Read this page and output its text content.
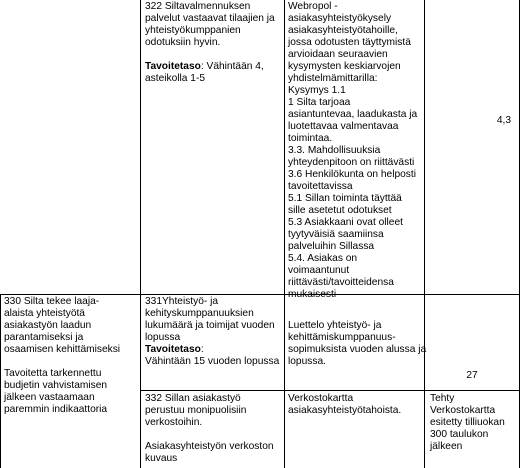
322 Siltavalmennuksen

palvelut vastaavat tilaajien ja

yhteistyökumppanien

odotuksiin hyvin.

Tavoitetaso: Vähintään 4,

asteikolla 1-5

Webropol -

asiakasyhteistyökysely

asiakasyhteistyötahoille,

jossa odotusten täyttymistä

arvioidaan seuraavien

kysymysten keskiarvojen

yhdistelmämittarilla:

Kysymys 1.1

1 Silta tarjoaa

asiantuntevaa, laadukasta ja

luotettavaa valmentavaa

toimintaa.

3.3. Mahdollisuuksia

yhteydenpitoon on riittävästi

3.6 Henkilökunta on helposti

tavoitettavissa

5.1 Sillan toiminta täyttää

sille asetetut odotukset

5.3 Asiakkaani ovat olleet

tyytyväisiä saamiinsa

palveluihin Sillassa

5.4. Asiakas on

voimaantunut

riittävästi/tavoitteidensa

mukaisesti

4,3

330 Silta tekee laaja-

alaista yhteistyötä

asiakastyön laadun

parantamiseksi ja

osaamisen kehittämiseksi

Tavoitetta tarkennettu

budjetin vahvistamisen

jälkeen vastaamaan

paremmin indikaattoria

331Yhteistyö- ja

kehityskumppanuuksien

lukumäärä ja toimijat vuoden

lopussa

Tavoitetaso:

Vähintään 15 vuoden lopussa

Luettelo yhteistyö- ja

kehittämiskumppanuus-

sopimuksista vuoden alussa ja

lopussa.

27

332 Sillan asiakastyö

perustuu monipuolisiin

verkostoihin.

Asiakasyhteistyön verkoston

kuvaus

Verkostokartta

asiakasyhteistyötahoista.

Tehty

Verkostokartta

esitetty tilliuokan

300 taulukon

jälkeen
